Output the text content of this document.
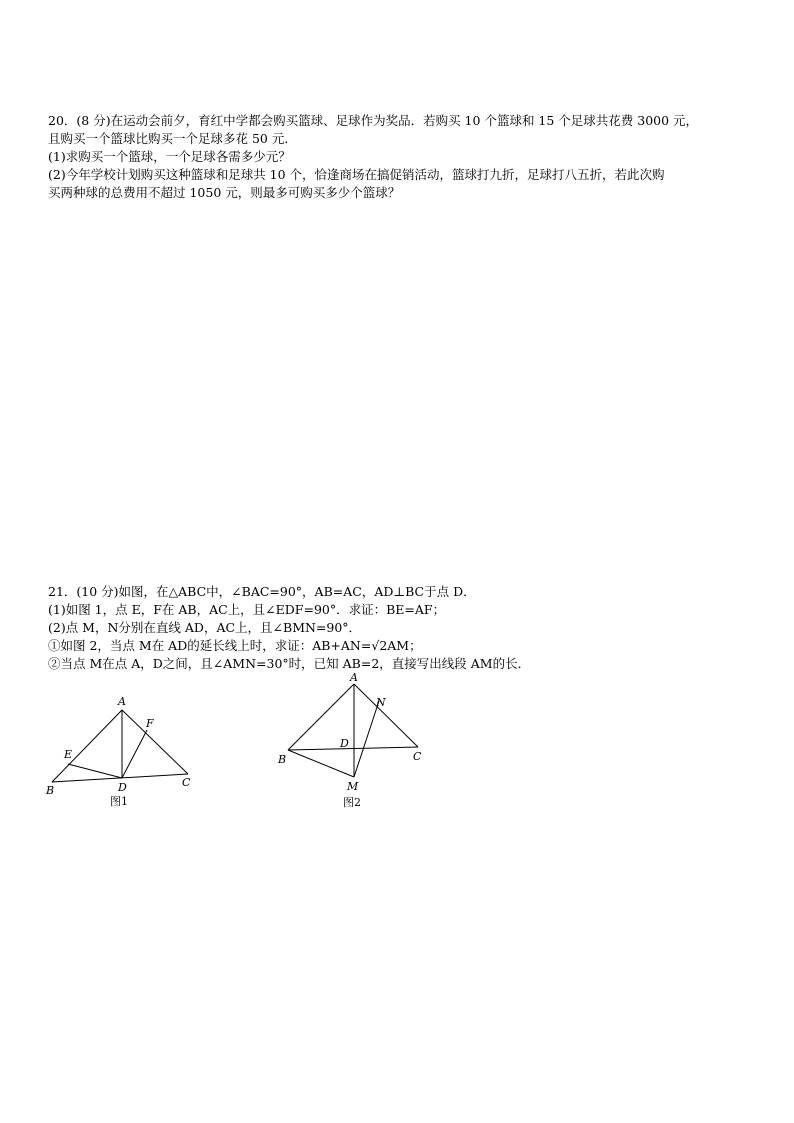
20．(8 分)在运动会前夕，育红中学都会购买篮球、足球作为奖品．若购买 10 个篮球和 15 个足球共花费 3000 元，
且购买一个篮球比购买一个足球多花 50 元．
(1)求购买一个篮球，一个足球各需多少元？
(2)今年学校计划购买这种篮球和足球共 10 个，恰逢商场在搞促销活动，篮球打九折，足球打八五折，若此次购
买两种球的总费用不超过 1050 元，则最多可购买多少个篮球？
21．(10 分)如图，在△ABC中，∠BAC=90°，AB=AC，AD⊥BC于点 D．
(1)如图 1，点 E，F在 AB，AC上，且∠EDF=90°．求证：BE=AF；
(2)点 M，N分别在直线 AD，AC上，且∠BMN=90°．
①如图 2，当点 M在 AD的延长线上时，求证：AB+AN=√2AM；
②当点 M在点 A，D之间，且∠AMN=30°时，已知 AB=2，直接写出线段 AM的长．
A
B
C
D
E
F
图1
A
B	C
D
M
N
图2
